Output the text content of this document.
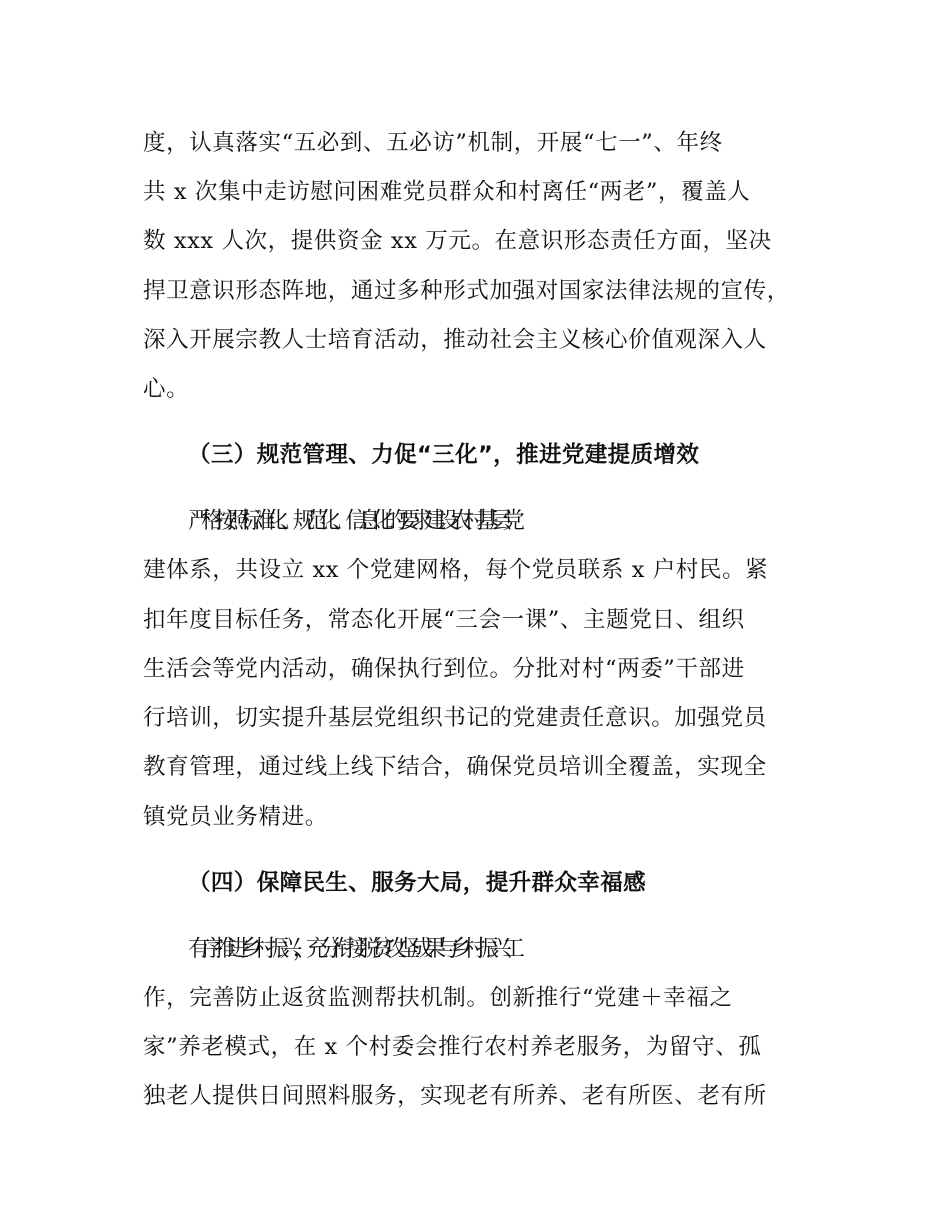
度，认真落实“五必到、五必访”机制，开展“七一”、年终
共 x 次集中走访慰问困难党员群众和村离任“两老”，覆盖人
数 xxx 人次，提供资金 xx 万元。在意识形态责任方面，坚决
捍卫意识形态阵地，通过多种形式加强对国家法律法规的宣传，
深入开展宗教人士培育活动，推动社会主义核心价值观深入人
心。
（三）规范管理、力促“三化”，推进党建提质增效
严格按照标准化、规范化、信息化的要求建设农村基层党
建体系，共设立 xx 个党建网格，每个党员联系 x 户村民。紧
扣年度目标任务，常态化开展“三会一课”、主题党日、组织
生活会等党内活动，确保执行到位。分批对村“两委”干部进
行培训，切实提升基层党组织书记的党建责任意识。加强党员
教育管理，通过线上线下结合，确保党员培训全覆盖，实现全
镇党员业务精进。
（四）保障民生、服务大局，提升群众幸福感
有序推进乡村振兴，充分衔接脱贫攻坚成果与乡村振兴工
作，完善防止返贫监测帮扶机制。创新推行“党建＋幸福之
家”养老模式，在 x 个村委会推行农村养老服务，为留守、孤
独老人提供日间照料服务，实现老有所养、老有所医、老有所
